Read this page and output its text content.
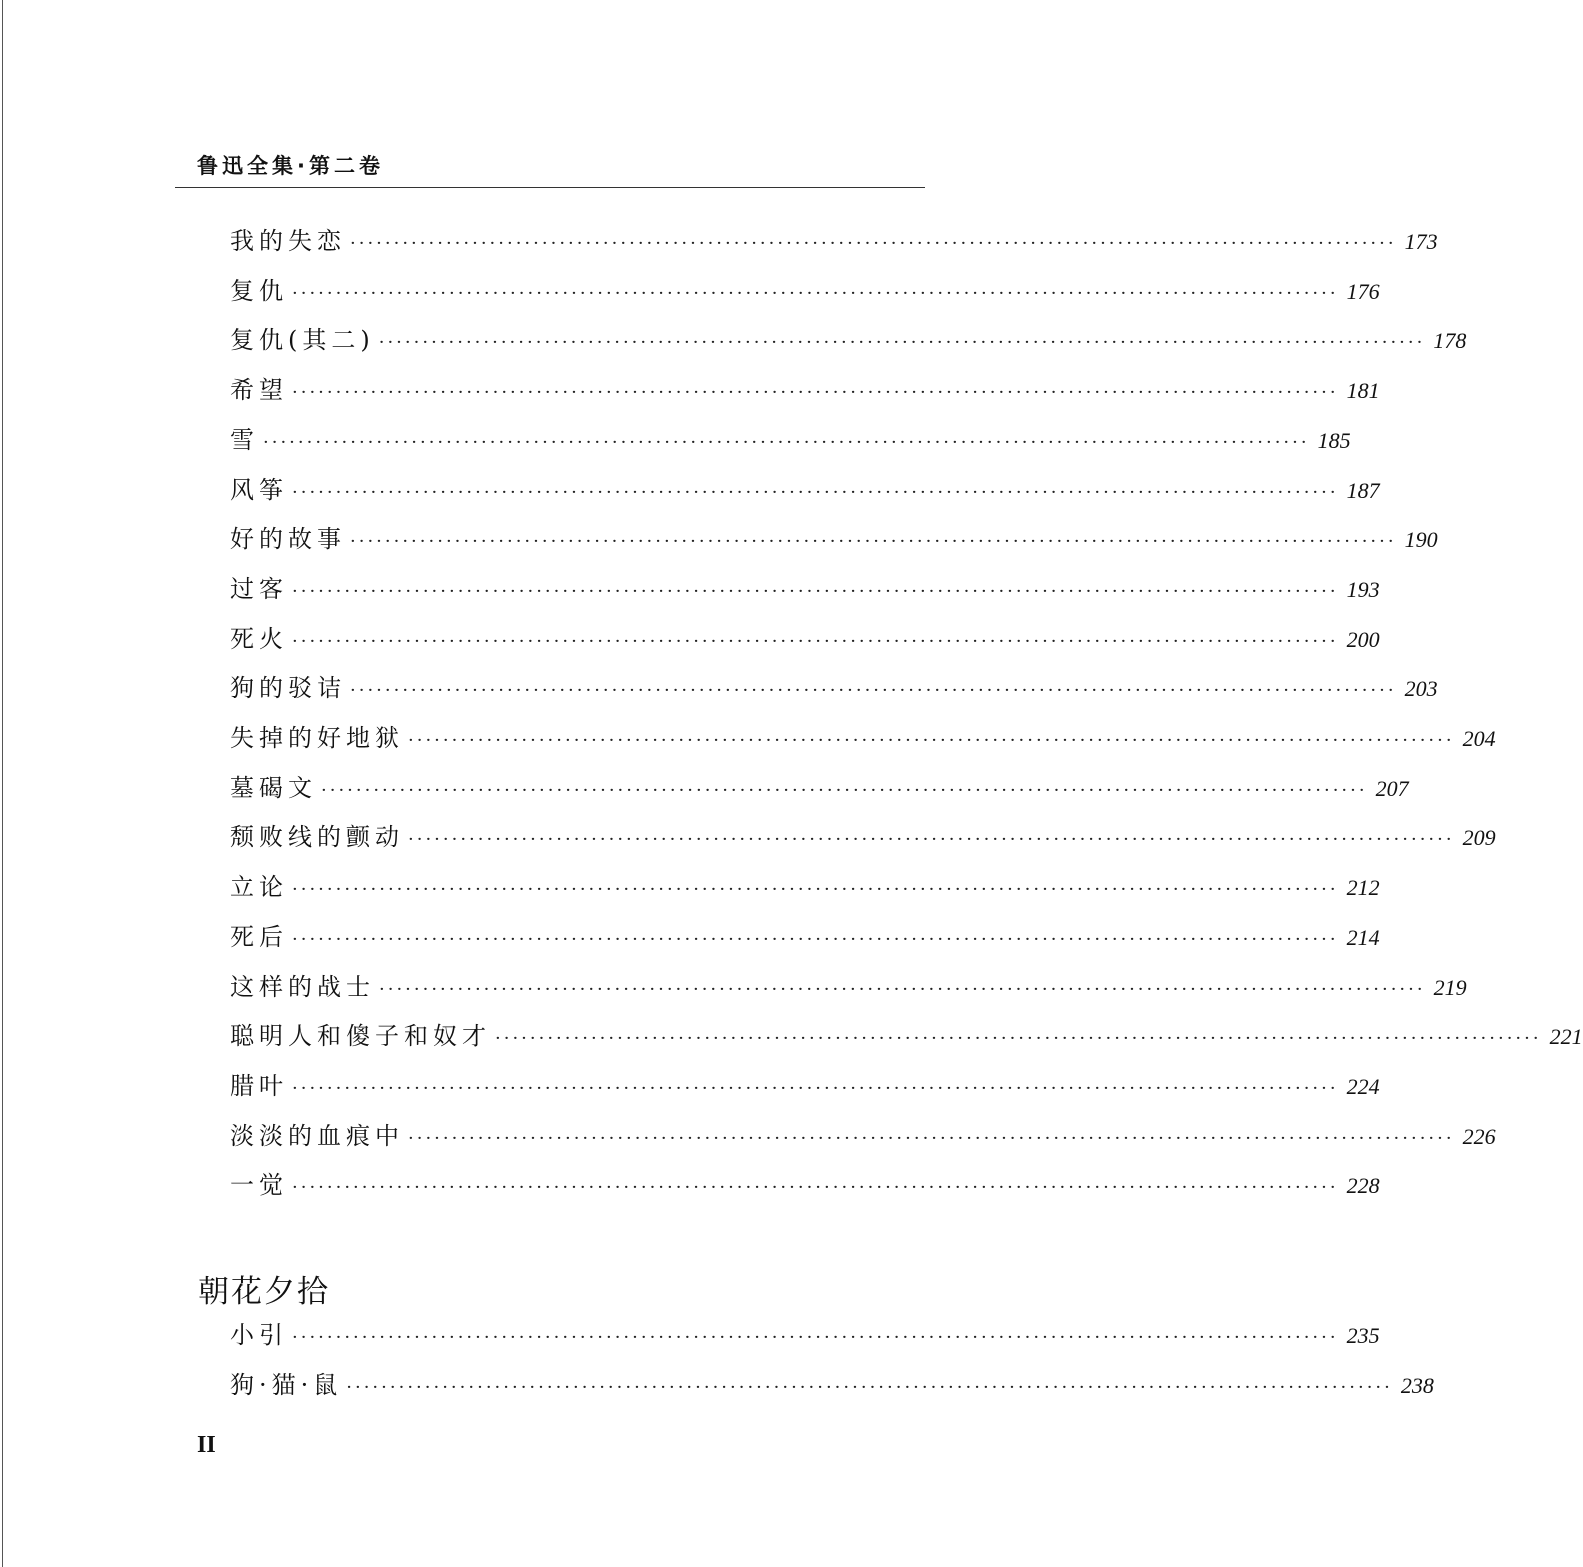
鲁迅全集·第二卷
我的失恋 ························································································································ 173
复仇 ························································································································ 176
复仇(其二) ························································································································ 178
希望 ························································································································ 181
雪 ························································································································ 185
风筝 ························································································································ 187
好的故事 ························································································································ 190
过客 ························································································································ 193
死火 ························································································································ 200
狗的驳诘 ························································································································ 203
失掉的好地狱 ························································································································ 204
墓碣文 ························································································································ 207
颓败线的颤动 ························································································································ 209
立论 ························································································································ 212
死后 ························································································································ 214
这样的战士 ························································································································ 219
聪明人和傻子和奴才 ························································································································ 221
腊叶 ························································································································ 224
淡淡的血痕中 ························································································································ 226
一觉 ························································································································ 228
小引 ························································································································ 235
狗·猫·鼠 ························································································································ 238
朝花夕拾
II
